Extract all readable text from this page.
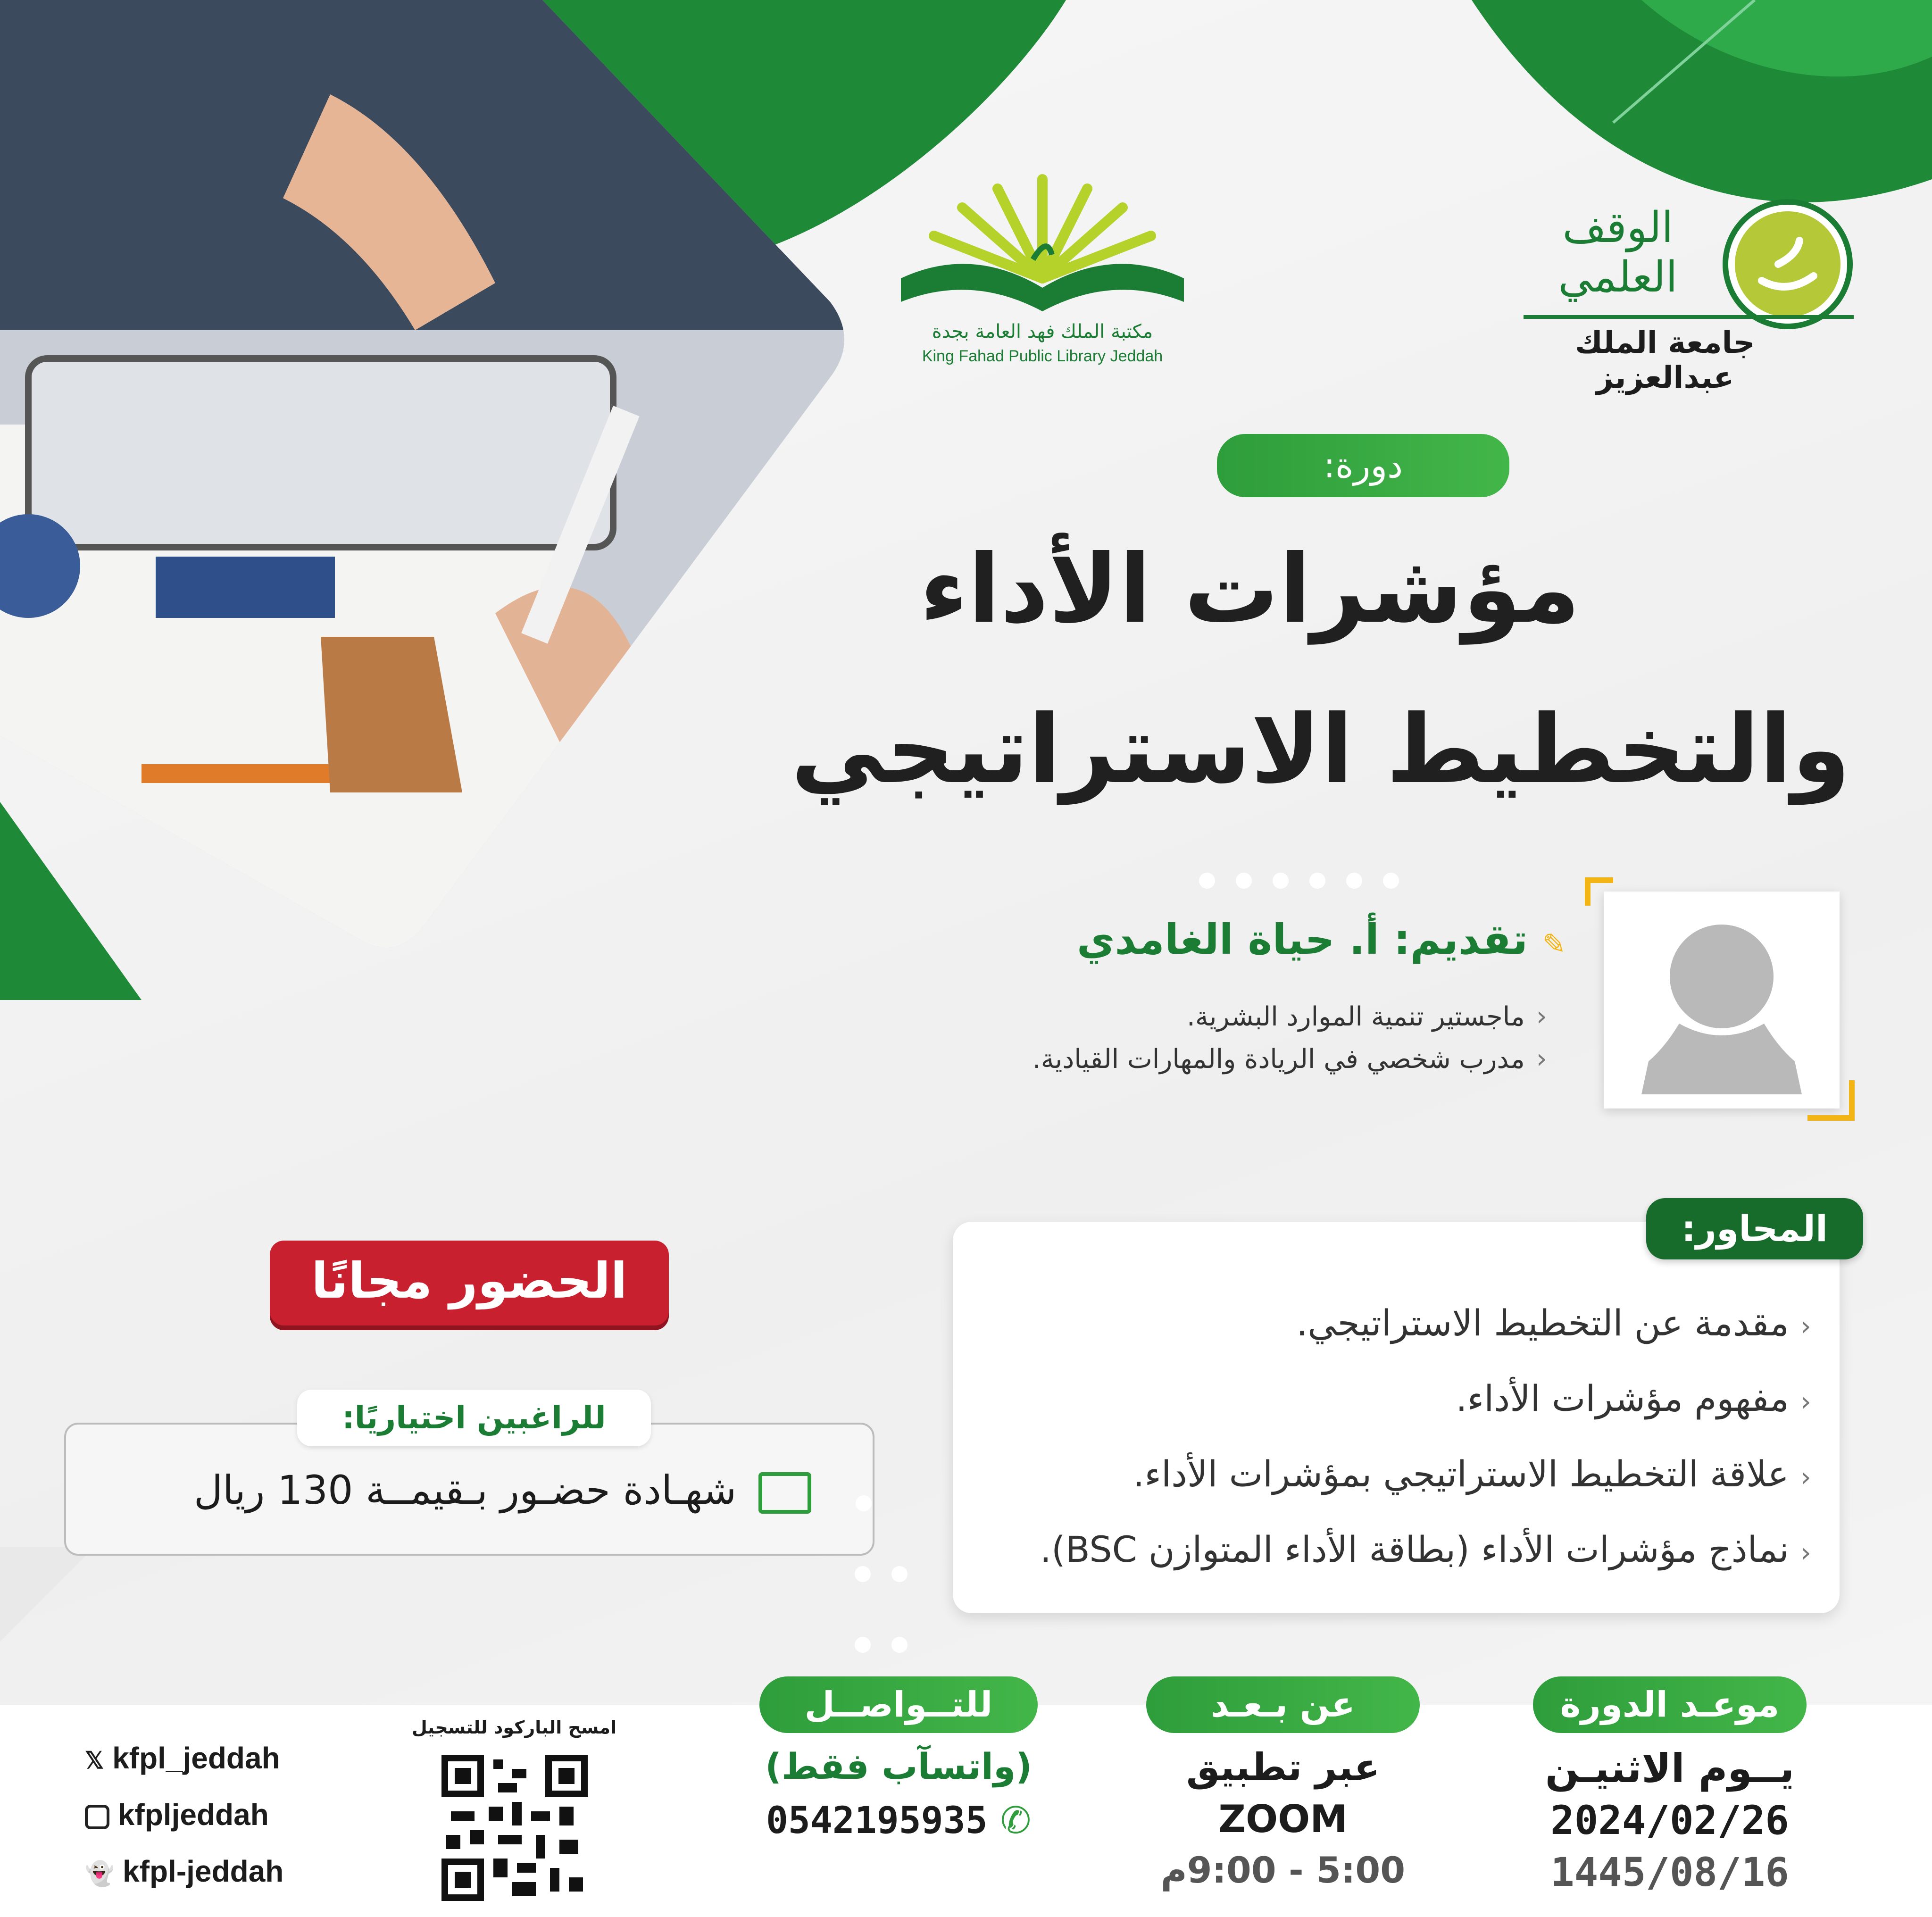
مكتبة الملك فهد العامة بجدة
King Fahad Public Library Jeddah
الوقف العلمي
جامعة الملك عبدالعزيز
دورة:
مؤشرات الأداء
والتخطيط الاستراتيجي
✎ تقديم: أ. حياة الغامدي
‹ ماجستير تنمية الموارد البشرية.
‹ مدرب شخصي في الريادة والمهارات القيادية.
المحاور:
‹ مقدمة عن التخطيط الاستراتيجي.
‹ مفهوم مؤشرات الأداء.
‹ علاقة التخطيط الاستراتيجي بمؤشرات الأداء.
‹ نماذج مؤشرات الأداء (بطاقة الأداء المتوازن BSC).
الحضور مجانًا
للراغبين اختياريًا:
شهـادة حضـور بـقيمــة 130 ريال
موعـد الدورة
يــوم الاثنيـن
2024/02/26
1445/08/16
عن بـعـد
عبر تطبيق
ZOOM
5:00 - 9:00م
للتــواصــل
(واتسآب فقط)
✆ 0542195935
امسح الباركود للتسجيل
𝕏 kfpl_jeddah
kfpljeddah
👻 kfpl-jeddah
